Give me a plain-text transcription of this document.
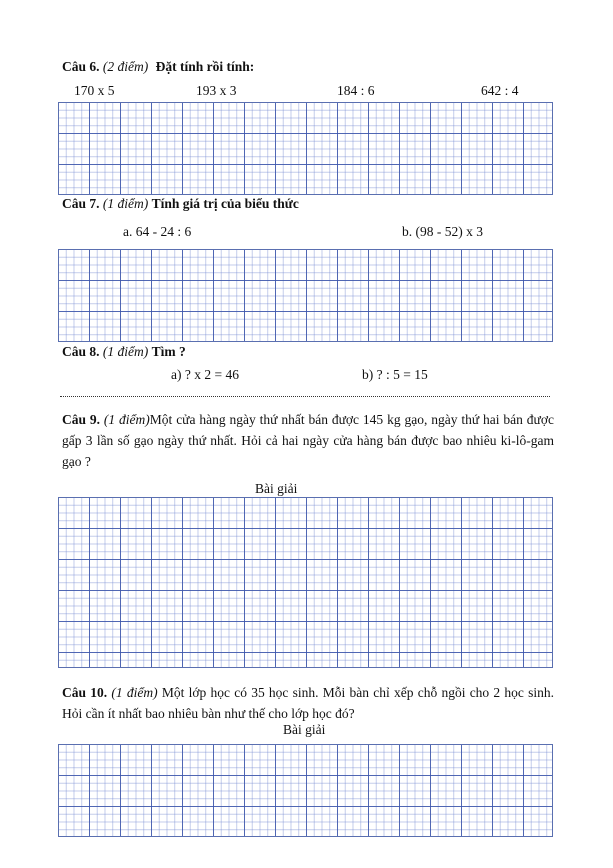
Câu 6. (2 điểm) Đặt tính rồi tính:
170 x 5	193 x 3	184 : 6	642 : 4
Câu 7. (1 điểm) Tính giá trị của biểu thức
a. 64 - 24 : 6	b. (98 - 52) x 3
Câu 8. (1 điểm) Tìm ?
a) ? x 2 = 46	b) ? : 5 = 15
Câu 9. (1 điểm)Một cửa hàng ngày thứ nhất bán được 145 kg gạo, ngày thứ hai bán được gấp 3 lần số gạo ngày thứ nhất. Hỏi cả hai ngày cửa hàng bán được bao nhiêu ki-lô-gam gạo ?
Bài giải
Câu 10. (1 điểm) Một lớp học có 35 học sinh. Mỗi bàn chỉ xếp chỗ ngồi cho 2 học sinh. Hỏi cần ít nhất bao nhiêu bàn như thế cho lớp học đó?
Bài giải
